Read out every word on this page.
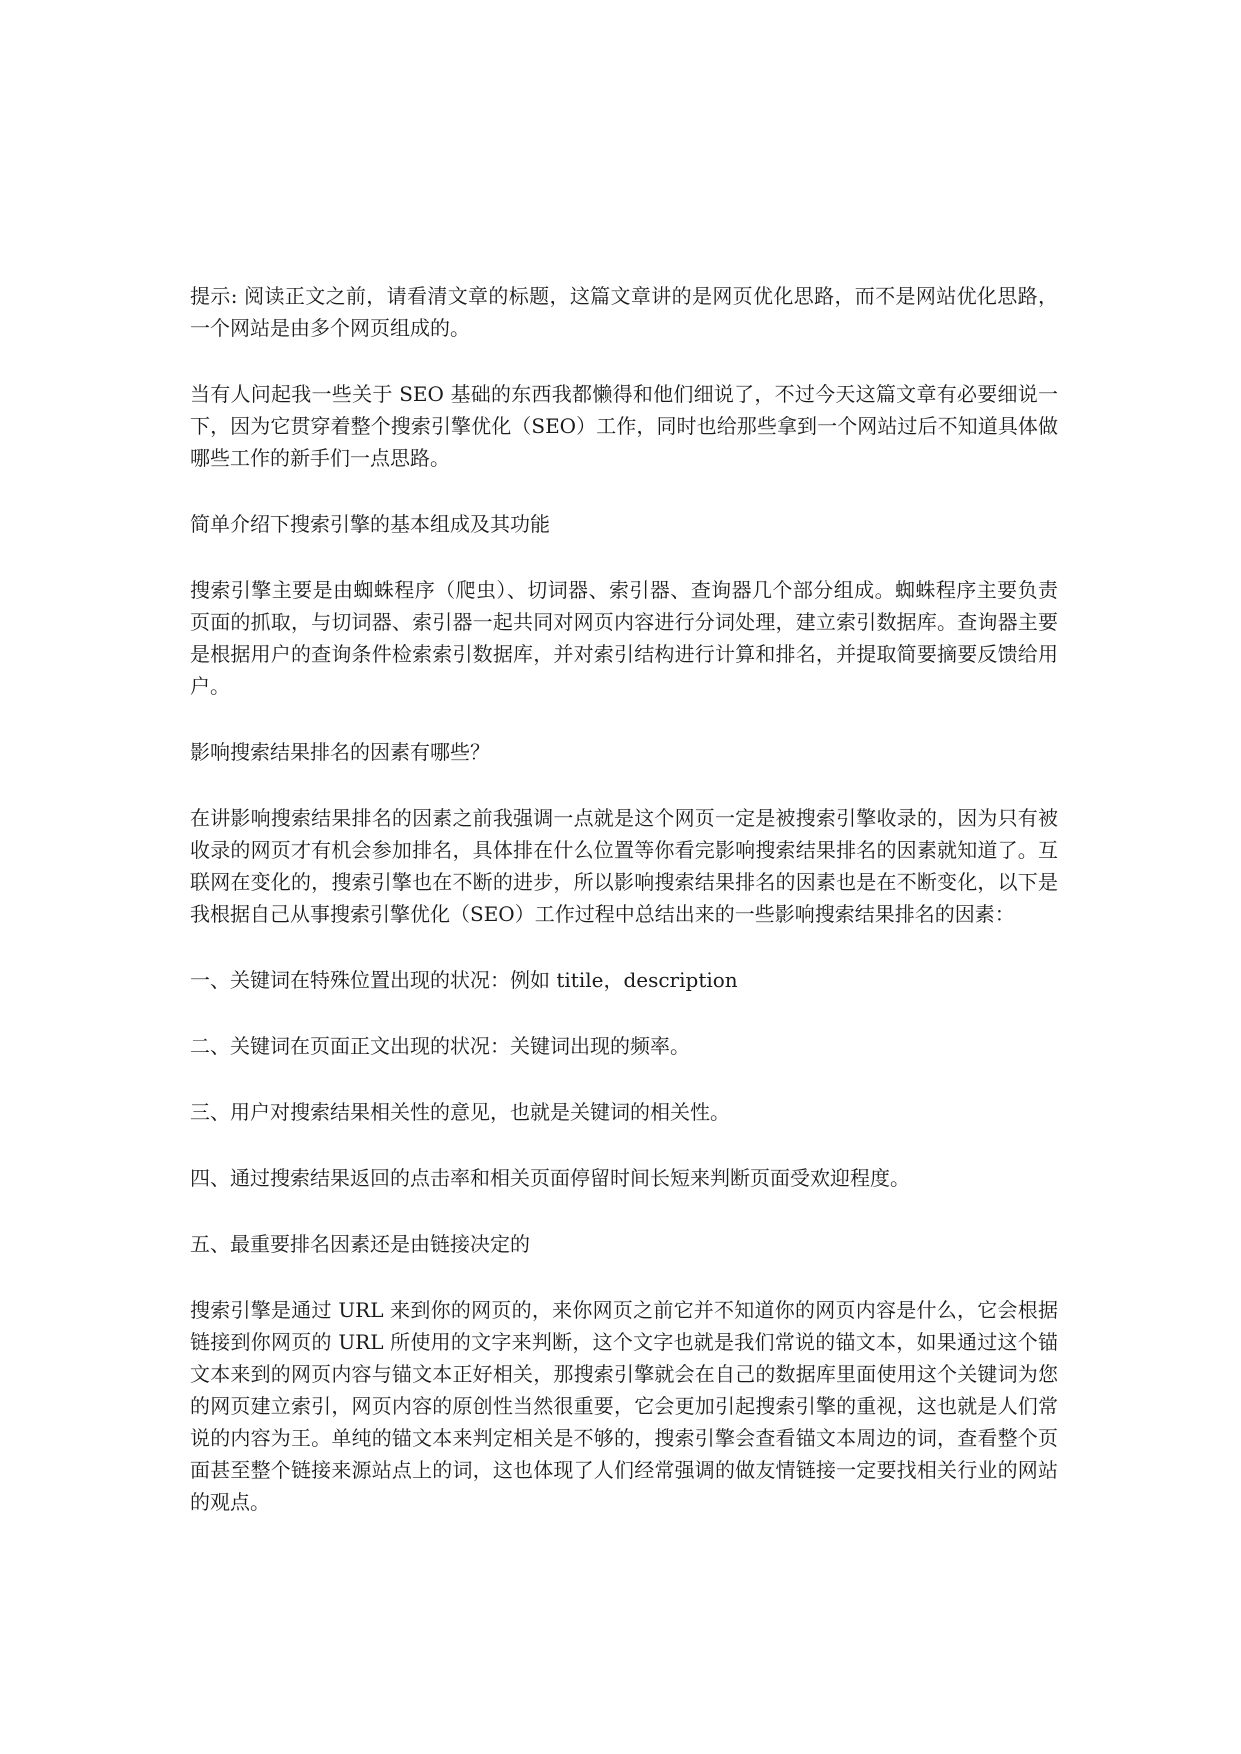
提示: 阅读正文之前，请看清文章的标题，这篇文章讲的是网页优化思路，而不是网站优化思路，一个网站是由多个网页组成的。

当有人问起我一些关于 SEO 基础的东西我都懒得和他们细说了，不过今天这篇文章有必要细说一下，因为它贯穿着整个搜索引擎优化（SEO）工作，同时也给那些拿到一个网站过后不知道具体做哪些工作的新手们一点思路。

简单介绍下搜索引擎的基本组成及其功能

搜索引擎主要是由蜘蛛程序（爬虫）、切词器、索引器、查询器几个部分组成。蜘蛛程序主要负责页面的抓取，与切词器、索引器一起共同对网页内容进行分词处理，建立索引数据库。查询器主要是根据用户的查询条件检索索引数据库，并对索引结构进行计算和排名，并提取简要摘要反馈给用户。

影响搜索结果排名的因素有哪些？

在讲影响搜索结果排名的因素之前我强调一点就是这个网页一定是被搜索引擎收录的，因为只有被收录的网页才有机会参加排名，具体排在什么位置等你看完影响搜索结果排名的因素就知道了。互联网在变化的，搜索引擎也在不断的进步，所以影响搜索结果排名的因素也是在不断变化，以下是我根据自己从事搜索引擎优化（SEO）工作过程中总结出来的一些影响搜索结果排名的因素：

一、关键词在特殊位置出现的状况：例如 titile，description

二、关键词在页面正文出现的状况：关键词出现的频率。

三、用户对搜索结果相关性的意见，也就是关键词的相关性。

四、通过搜索结果返回的点击率和相关页面停留时间长短来判断页面受欢迎程度。

五、最重要排名因素还是由链接决定的

搜索引擎是通过 URL 来到你的网页的，来你网页之前它并不知道你的网页内容是什么，它会根据链接到你网页的 URL 所使用的文字来判断，这个文字也就是我们常说的锚文本，如果通过这个锚文本来到的网页内容与锚文本正好相关，那搜索引擎就会在自己的数据库里面使用这个关键词为您的网页建立索引，网页内容的原创性当然很重要，它会更加引起搜索引擎的重视，这也就是人们常说的内容为王。单纯的锚文本来判定相关是不够的，搜索引擎会查看锚文本周边的词，查看整个页面甚至整个链接来源站点上的词，这也体现了人们经常强调的做友情链接一定要找相关行业的网站的观点。
